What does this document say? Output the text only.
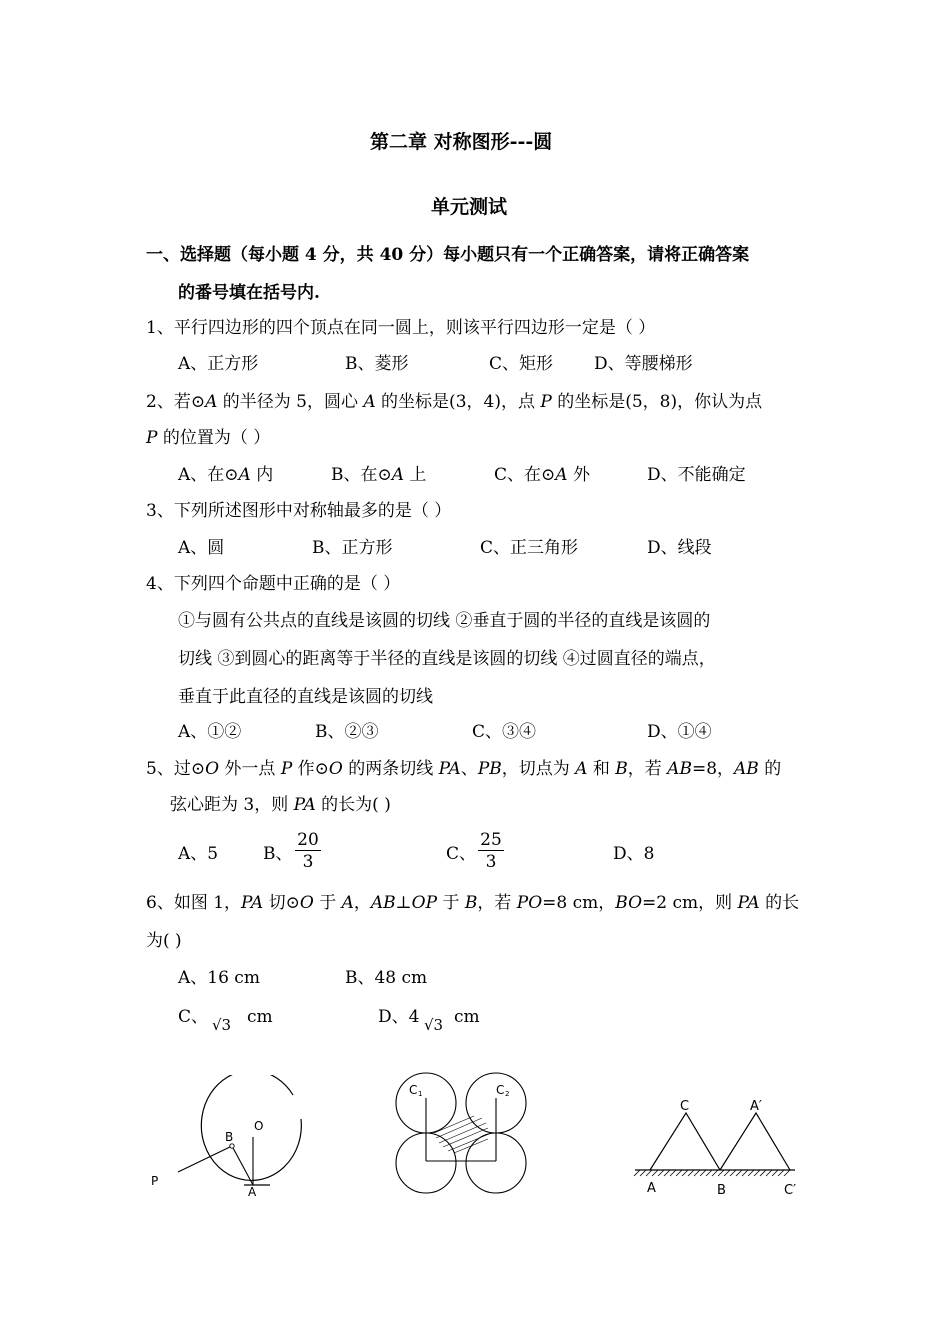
第二章 对称图形---圆
单元测试
一、选择题（每小题 4 分，共 40 分）每小题只有一个正确答案，请将正确答案
的番号填在括号内.
1、平行四边形的四个顶点在同一圆上，则该平行四边形一定是（ ）
A、正方形	B、菱形	C、矩形 D、等腰梯形
2、若⊙A 的半径为 5，圆心 A 的坐标是(3，4)，点 P 的坐标是(5，8)，你认为点
P 的位置为（ ）
A、在⊙A 内	B、在⊙A 上	C、在⊙A 外	D、不能确定
3、下列所述图形中对称轴最多的是（ ）
A、圆	B、正方形	C、正三角形	D、线段
4、下列四个命题中正确的是（ ）
①与圆有公共点的直线是该圆的切线 ②垂直于圆的半径的直线是该圆的
切线 ③到圆心的距离等于半径的直线是该圆的切线 ④过圆直径的端点，
垂直于此直径的直线是该圆的切线
A、①②	B、②③	C、③④	D、①④
5、过⊙O 外一点 P 作⊙O 的两条切线 PA、PB，切点为 A 和 B，若 AB=8，AB 的
弦心距为 3，则 PA 的长为( )
A、5	B、 $\frac{20}{3}$	C、 $\frac{25}{3}$	D、8
6、如图 1，PA 切⊙O 于 A，AB⊥OP 于 B，若 PO=8 cm，BO=2 cm，则 PA 的长
为( )
A、16 cm	B、48 cm
C、 √3 cm	D、4 √3 cm
P
B
O
A
C 1	C 2
C	A′
A	B	C′
